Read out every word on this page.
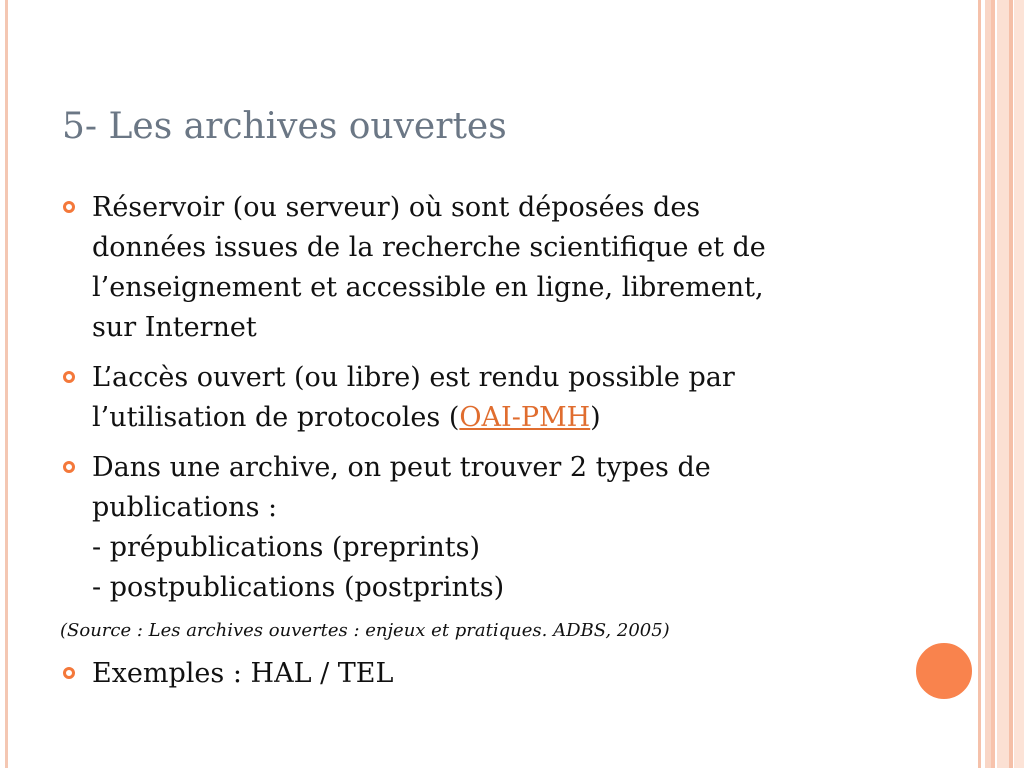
5- Les archives ouvertes
Réservoir (ou serveur) où sont déposées des
données issues de la recherche scientifique et de
l’enseignement et accessible en ligne, librement,
sur Internet
L’accès ouvert (ou libre) est rendu possible par
l’utilisation de protocoles (OAI-PMH)
Dans une archive, on peut trouver 2 types de
publications :
- prépublications (preprints)
- postpublications (postprints)
(Source : Les archives ouvertes : enjeux et pratiques. ADBS, 2005)
Exemples : HAL / TEL
